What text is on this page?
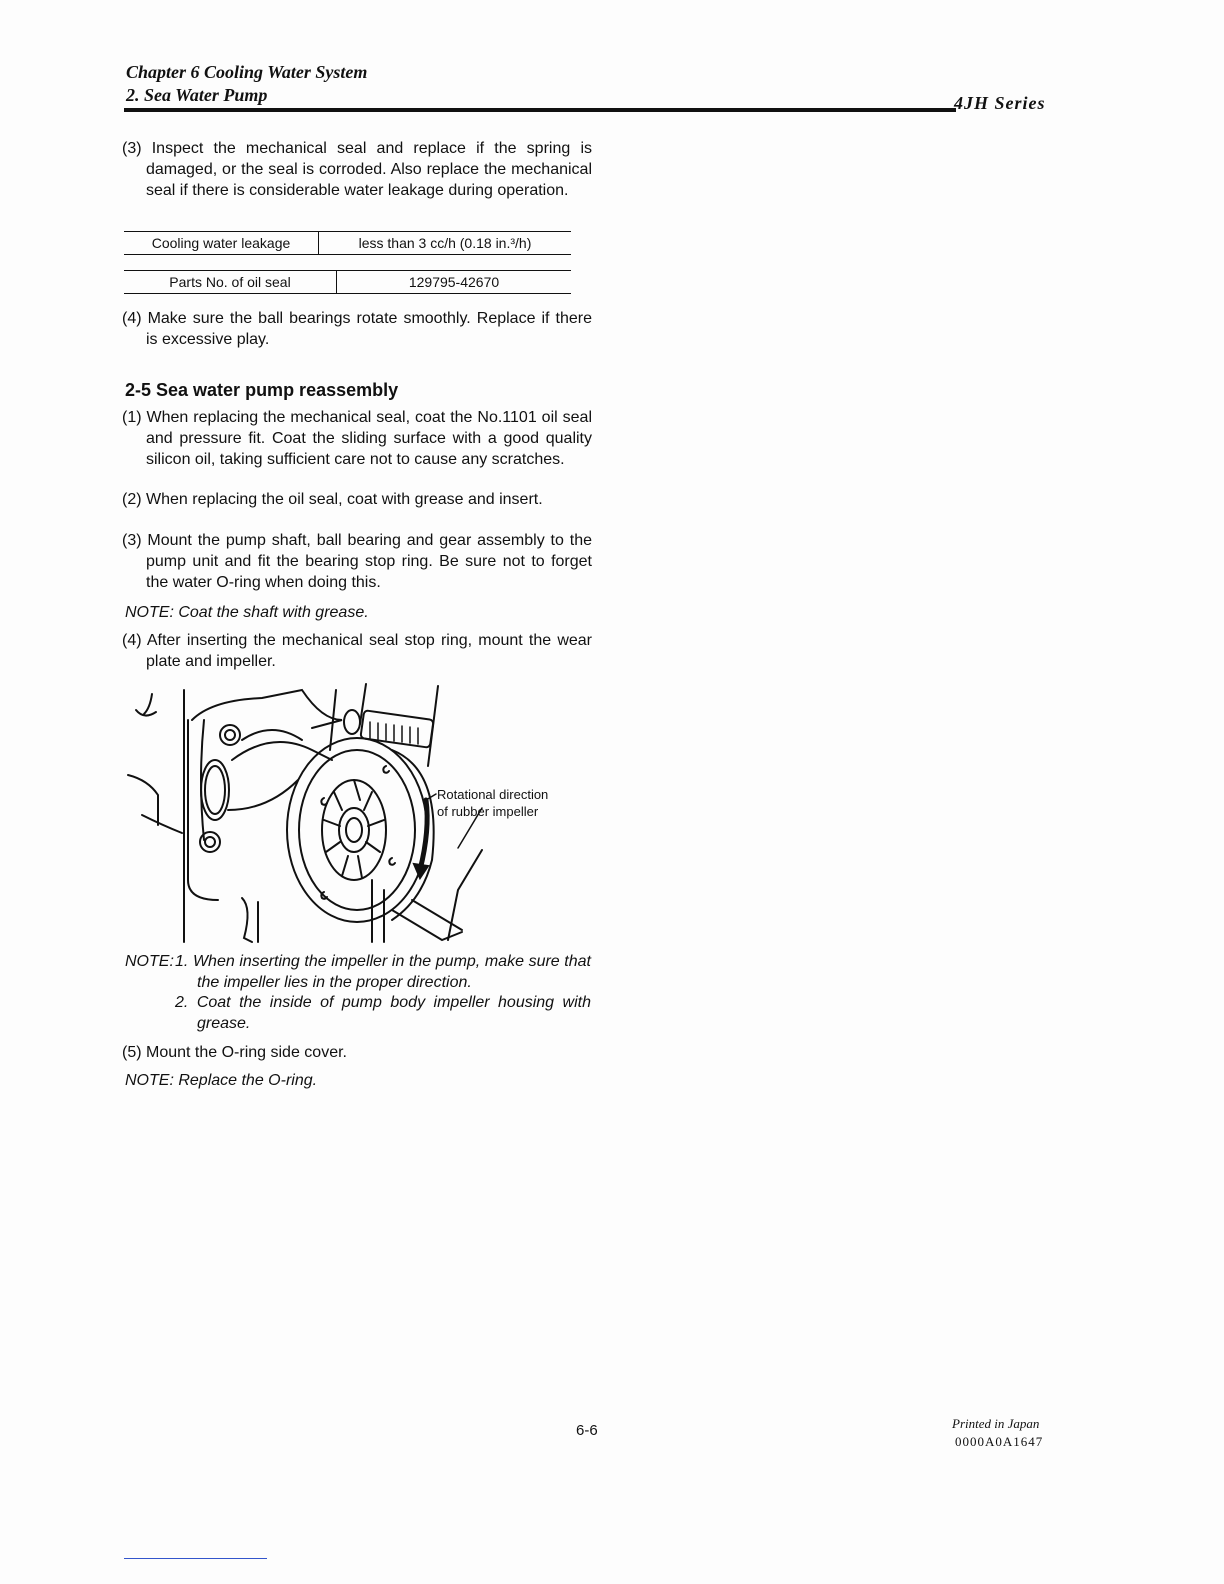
Chapter 6 Cooling Water System
2. Sea Water Pump	4JH Series
(3) Inspect the mechanical seal and replace if the spring is damaged, or the seal is corroded. Also replace the mechanical seal if there is considerable water leakage during operation.
Cooling water leakage	less than 3 cc/h (0.18 in.³/h)
Parts No. of oil seal	129795-42670
(4) Make sure the ball bearings rotate smoothly. Replace if there is excessive play.
2-5 Sea water pump reassembly
(1) When replacing the mechanical seal, coat the No.1101 oil seal and pressure fit. Coat the sliding surface with a good quality silicon oil, taking sufficient care not to cause any scratches.
(2) When replacing the oil seal, coat with grease and insert.
(3) Mount the pump shaft, ball bearing and gear assembly to the pump unit and fit the bearing stop ring. Be sure not to forget the water O-ring when doing this.
NOTE: Coat the shaft with grease.
(4) After inserting the mechanical seal stop ring, mount the wear plate and impeller.
Rotational direction
of rubber impeller
NOTE: 1. When inserting the impeller in the pump, make sure that the impeller lies in the proper direction.
2. Coat the inside of pump body impeller housing with grease.
(5) Mount the O-ring side cover.
NOTE: Replace the O-ring.
6-6	Printed in Japan
0000A0A1647
